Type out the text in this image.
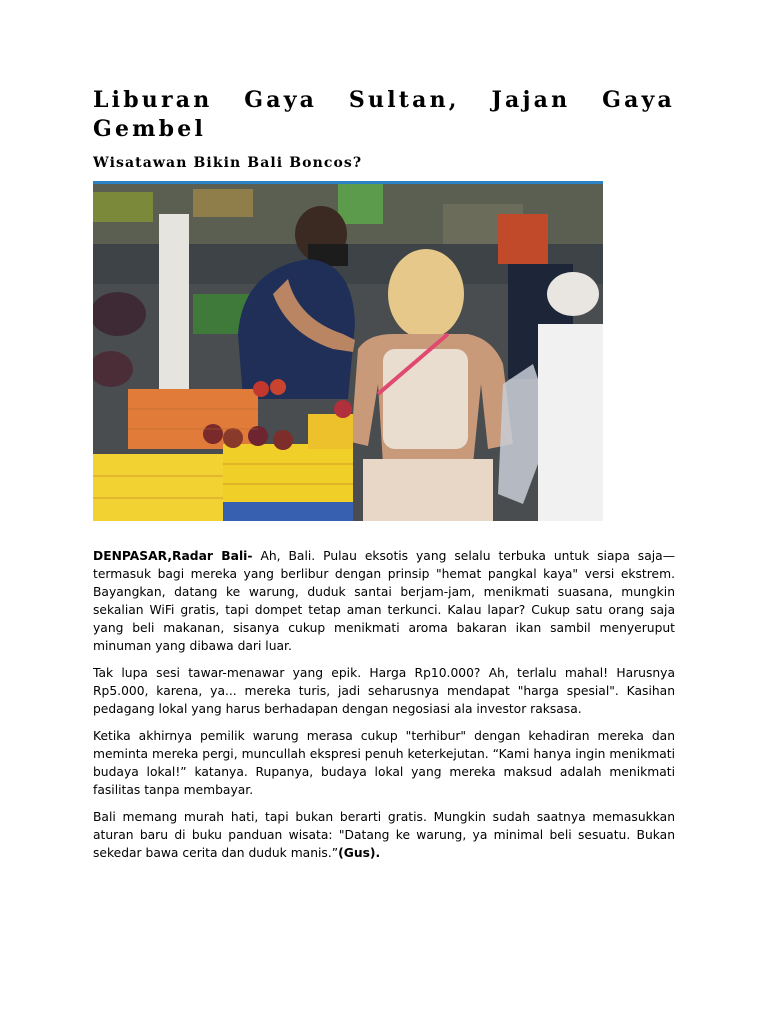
Liburan Gaya Sultan, Jajan Gaya Gembel
Wisatawan Bikin Bali Boncos?

DENPASAR,Radar Bali- Ah, Bali. Pulau eksotis yang selalu terbuka untuk siapa saja—termasuk bagi mereka yang berlibur dengan prinsip "hemat pangkal kaya" versi ekstrem. Bayangkan, datang ke warung, duduk santai berjam-jam, menikmati suasana, mungkin sekalian WiFi gratis, tapi dompet tetap aman terkunci. Kalau lapar? Cukup satu orang saja yang beli makanan, sisanya cukup menikmati aroma bakaran ikan sambil menyeruput minuman yang dibawa dari luar.

Tak lupa sesi tawar-menawar yang epik. Harga Rp10.000? Ah, terlalu mahal! Harusnya Rp5.000, karena, ya... mereka turis, jadi seharusnya mendapat "harga spesial". Kasihan pedagang lokal yang harus berhadapan dengan negosiasi ala investor raksasa.

Ketika akhirnya pemilik warung merasa cukup "terhibur" dengan kehadiran mereka dan meminta mereka pergi, muncullah ekspresi penuh keterkejutan. “Kami hanya ingin menikmati budaya lokal!” katanya. Rupanya, budaya lokal yang mereka maksud adalah menikmati fasilitas tanpa membayar.

Bali memang murah hati, tapi bukan berarti gratis. Mungkin sudah saatnya memasukkan aturan baru di buku panduan wisata: "Datang ke warung, ya minimal beli sesuatu. Bukan sekedar bawa cerita dan duduk manis.”(Gus).
